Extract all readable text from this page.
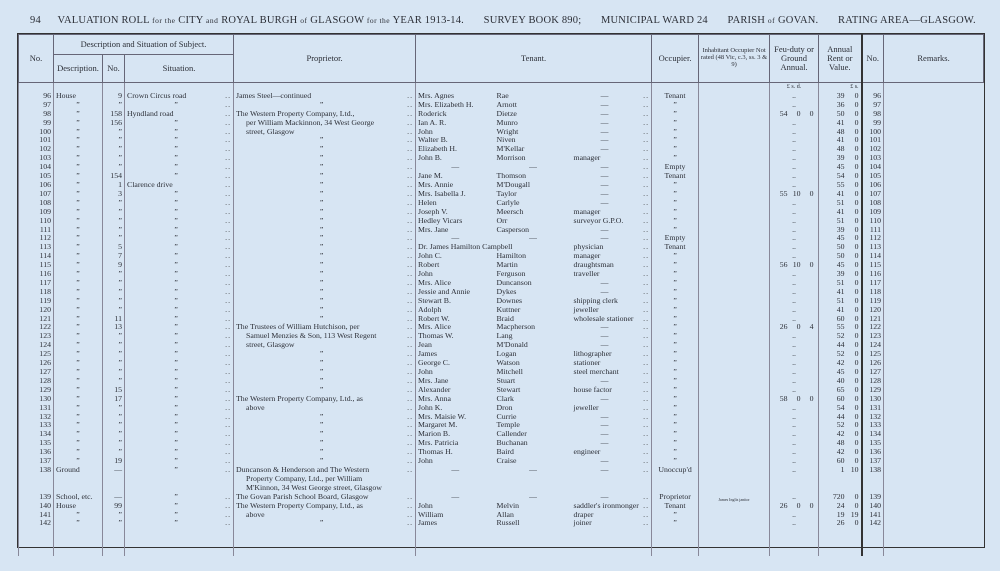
94 VALUATION ROLL for the CITY and ROYAL BURGH of GLASGOW for the YEAR 1913-14. SURVEY BOOK 890; MUNICIPAL WARD 24 PARISH of GOVAN. RATING AREA—GLASGOW.
No.	Description and Situation of Subject.			Proprietor.	Tenant.				Occupier.	Inhabitant Occupier Not rated (48 Vic, c.3, ss. 3 & 9)	Feu-duty or Ground Annual.	Annual Rent or Value.	No.	Remarks.
	Description.	No.	Situation.											
											£ s. d.	£ s.		
96	House	9	Crown Circus road ..	James Steel—continued ..	Mrs. Agnes	Rae	—	..	Tenant		..	39 0	96	
97	”	”	” ..	” ..	Mrs. Elizabeth H.	Arnott	—	..	”		..	36 0	97	
98	”	158	Hyndland road ..	The Western Property Company, Ltd., ..	Roderick	Dietze	—	..	”		54 0 0	50 0	98	
99	”	156	” ..	per William Mackinnon, 34 West George ..	Ian A. R.	Munro	—	..	”		..	41 0	99	
100	”	”	” ..	street, Glasgow ..	John	Wright	—	..	”		..	48 0	100	
101	”	”	” ..	” ..	Walter B.	Niven	—	..	”		..	41 0	101	
102	”	”	” ..	” ..	Elizabeth H.	M'Kellar	—	..	”		..	48 0	102	
103	”	”	” ..	” ..	John B.	Morrison	manager	..	”		..	39 0	103	
104	”	”	” ..	” ..	—	—	—	..	Empty		..	45 0	104	
105	”	154	” ..	” ..	Jane M.	Thomson	—	..	Tenant		..	54 0	105	
106	”	1	Clarence drive ..	” ..	Mrs. Annie	M'Dougall	—	..	”		..	55 0	106	
107	”	3	” ..	” ..	Mrs. Isabella J.	Taylor	—	..	”		55 10 0	41 0	107	
108	”	”	” ..	” ..	Helen	Carlyle	—	..	”		..	51 0	108	
109	”	”	” ..	” ..	Joseph V.	Meersch	manager	..	”		..	41 0	109	
110	”	”	” ..	” ..	Hedley Vicars	Orr	surveyor G.P.O.	..	”		..	51 0	110	
111	”	”	” ..	” ..	Mrs. Jane	Casperson	—	..	”		..	39 0	111	
112	”	”	” ..	” ..	—	—	—	..	Empty		..	45 0	112	
113	”	5	” ..	” ..	Dr. James Hamilton Campbell		physician	..	Tenant		..	50 0	113	
114	”	7	” ..	” ..	John C.	Hamilton	manager	..	”		..	50 0	114	
115	”	9	” ..	” ..	Robert	Martin	draughtsman	..	”		56 10 0	45 0	115	
116	”	”	” ..	” ..	John	Ferguson	traveller	..	”		..	39 0	116	
117	”	”	” ..	” ..	Mrs. Alice	Duncanson	—	..	”		..	51 0	117	
118	”	”	” ..	” ..	Jessie and Annie	Dykes	—	..	”		..	41 0	118	
119	”	”	” ..	” ..	Stewart B.	Downes	shipping clerk	..	”		..	51 0	119	
120	”	”	” ..	” ..	Adolph	Kuttner	jeweller	..	”		..	41 0	120	
121	”	11	” ..	” ..	Robert W.	Braid	wholesale stationer	..	”		..	60 0	121	
122	”	13	” ..	The Trustees of William Hutchison, per ..	Mrs. Alice	Macpherson	—	..	”		26 0 4	55 0	122	
123	”	”	” ..	Samuel Menzies & Son, 113 West Regent ..	Thomas W.	Lang	—	..	”		..	52 0	123	
124	”	”	” ..	street, Glasgow ..	Jean	M'Donald	—	..	”		..	44 0	124	
125	”	”	” ..	” ..	James	Logan	lithographer	..	”		..	52 0	125	
126	”	”	” ..	” ..	George C.	Watson	stationer	..	”		..	42 0	126	
127	”	”	” ..	” ..	John	Mitchell	steel merchant	..	”		..	45 0	127	
128	”	”	” ..	” ..	Mrs. Jane	Stuart	—	..	”		..	40 0	128	
129	”	15	” ..	” ..	Alexander	Stewart	house factor	..	”		..	65 0	129	
130	”	17	” ..	The Western Property Company, Ltd., as ..	Mrs. Anna	Clark	—	..	”		58 0 0	60 0	130	
131	”	”	” ..	above ..	John K.	Dron	jeweller	..	”		..	54 0	131	
132	”	”	” ..	” ..	Mrs. Maisie W.	Currie	—	..	”		..	44 0	132	
133	”	”	” ..	” ..	Margaret M.	Temple	—	..	”		..	52 0	133	
134	”	”	” ..	” ..	Marion B.	Callender	—	..	”		..	42 0	134	
135	”	”	” ..	” ..	Mrs. Patricia	Buchanan	—	..	”		..	48 0	135	
136	”	”	” ..	” ..	Thomas H.	Baird	engineer	..	”		..	42 0	136	
137	”	19	” ..	” ..	John	Craise	—	..	”		..	60 0	137	
138	Ground	—	” ..	Duncanson & Henderson and The Western ..	—	—	—	..	Unoccup'd		..	1 10	138	
				Property Company, Ltd., per William										
				M'Kinnon, 34 West George street, Glasgow										
139	School, etc.	—	” ..	The Govan Parish School Board, Glasgow ..	—	—	—	..	Proprietor	James Inglis janitor	..	720 0	139	
140	House	99	” ..	The Western Property Company, Ltd., as ..	John	Melvin	saddler's ironmonger	..	Tenant		26 0 0	24 0	140	
141	”	”	” ..	above ..	William	Allan	draper	..	”		..	19 19	141	
142	”	”	” ..	” ..	James	Russell	joiner	..	”		..	26 0	142	
